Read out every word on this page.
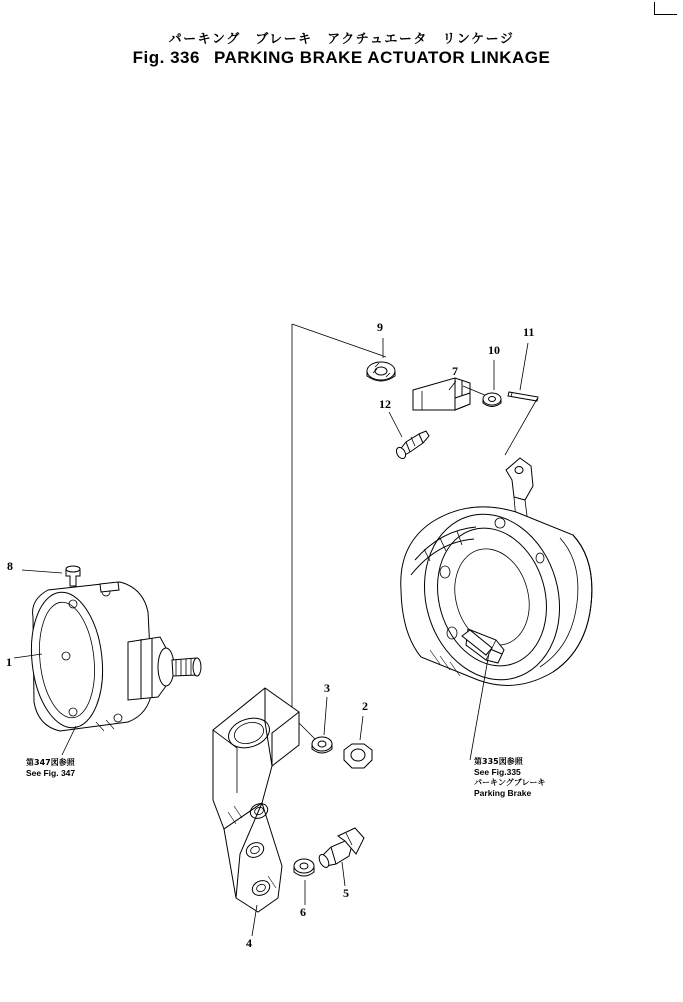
パーキング　ブレーキ　アクチュエータ　リンケージ
Fig. 336 PARKING BRAKE ACTUATOR LINKAGE
1
2
3
4
5
6
7
8
9
10
11
12
第347図参照
See Fig. 347
第335図参照
See Fig.335
パーキングブレーキ
Parking Brake
